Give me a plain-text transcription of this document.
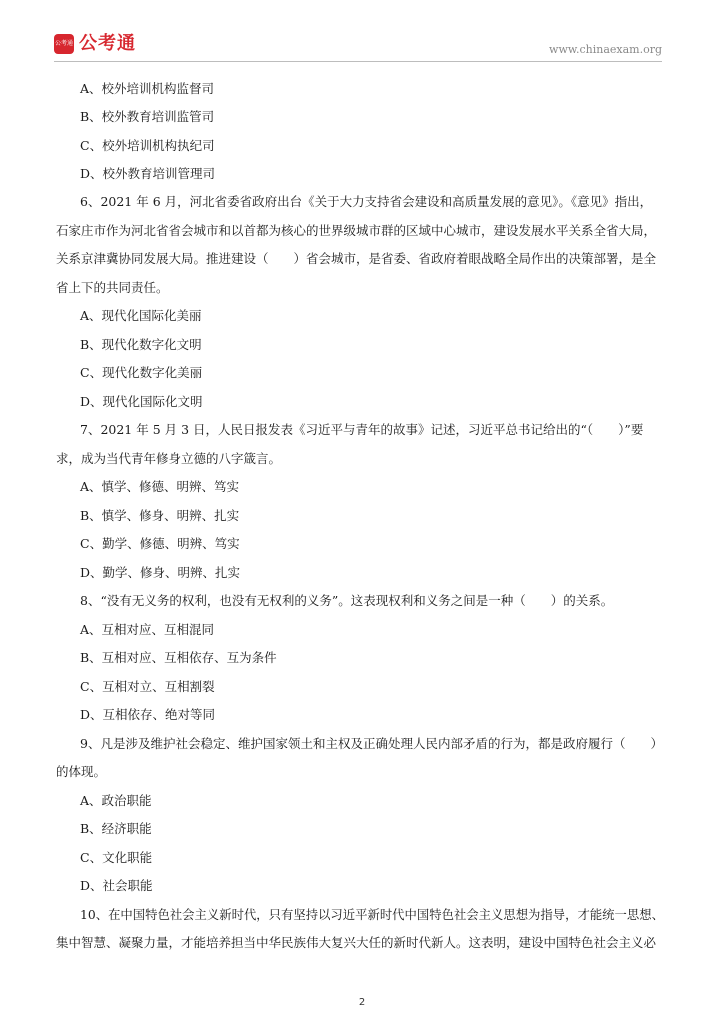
公考通 公考通	www.chinaexam.org
A、校外培训机构监督司
B、校外教育培训监管司
C、校外培训机构执纪司
D、校外教育培训管理司
6、2021 年 6 月，河北省委省政府出台《关于大力支持省会建设和高质量发展的意见》。《意见》指出，
石家庄市作为河北省省会城市和以首都为核心的世界级城市群的区域中心城市，建设发展水平关系全省大局，
关系京津冀协同发展大局。推进建设（　　）省会城市，是省委、省政府着眼战略全局作出的决策部署，是全
省上下的共同责任。
A、现代化国际化美丽
B、现代化数字化文明
C、现代化数字化美丽
D、现代化国际化文明
7、2021 年 5 月 3 日，人民日报发表《习近平与青年的故事》记述，习近平总书记给出的“（　　）”要
求，成为当代青年修身立德的八字箴言。
A、慎学、修德、明辨、笃实
B、慎学、修身、明辨、扎实
C、勤学、修德、明辨、笃实
D、勤学、修身、明辨、扎实
8、“没有无义务的权利，也没有无权利的义务”。这表现权利和义务之间是一种（　　）的关系。
A、互相对应、互相混同
B、互相对应、互相依存、互为条件
C、互相对立、互相割裂
D、互相依存、绝对等同
9、凡是涉及维护社会稳定、维护国家领土和主权及正确处理人民内部矛盾的行为，都是政府履行（　　）
的体现。
A、政治职能
B、经济职能
C、文化职能
D、社会职能
10、在中国特色社会主义新时代，只有坚持以习近平新时代中国特色社会主义思想为指导，才能统一思想、
集中智慧、凝聚力量，才能培养担当中华民族伟大复兴大任的新时代新人。这表明，建设中国特色社会主义必
2
